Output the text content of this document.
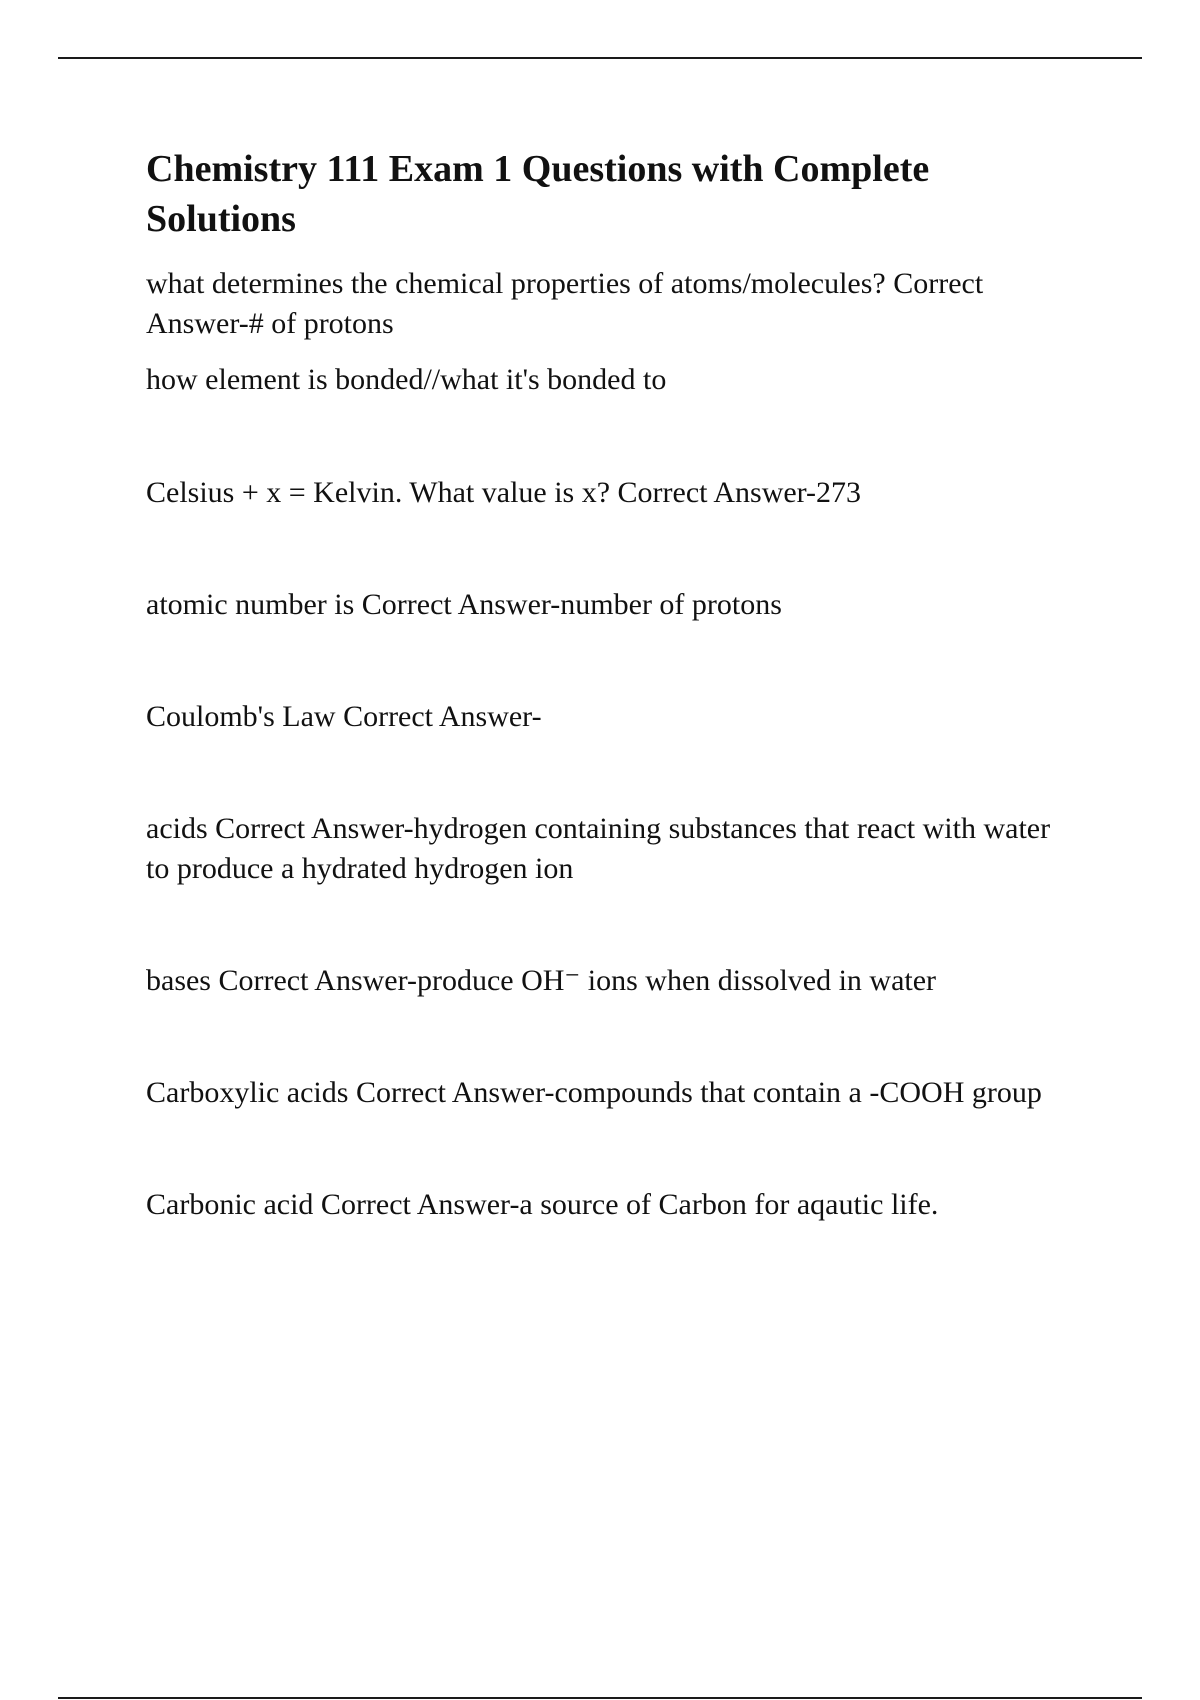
Chemistry 111 Exam 1 Questions with Complete Solutions

what determines the chemical properties of atoms/molecules? Correct Answer-# of protons

how element is bonded//what it's bonded to

Celsius + x = Kelvin. What value is x? Correct Answer-273

atomic number is Correct Answer-number of protons

Coulomb's Law Correct Answer-

acids Correct Answer-hydrogen containing substances that react with water to produce a hydrated hydrogen ion

bases Correct Answer-produce OH⁻ ions when dissolved in water

Carboxylic acids Correct Answer-compounds that contain a -COOH group

Carbonic acid Correct Answer-a source of Carbon for aqautic life.
